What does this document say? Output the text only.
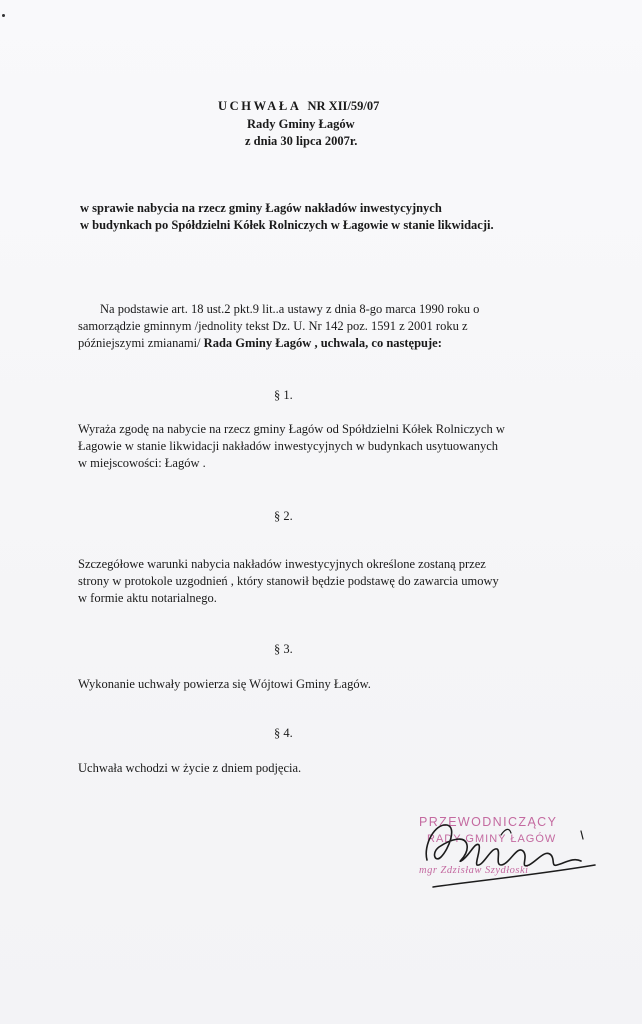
UCHWAŁA NR XII/59/07
Rady Gminy Łagów
z dnia 30 lipca 2007r.
w sprawie nabycia na rzecz gminy Łagów nakładów inwestycyjnych
w budynkach po Spółdzielni Kółek Rolniczych w Łagowie w stanie likwidacji.
Na podstawie art. 18 ust.2 pkt.9 lit..a ustawy z dnia 8-go marca 1990 roku o
samorządzie gminnym /jednolity tekst Dz. U. Nr 142 poz. 1591 z 2001 roku z
późniejszymi zmianami/ Rada Gminy Łagów , uchwala, co następuje:
§ 1.
Wyraża zgodę na nabycie na rzecz gminy Łagów od Spółdzielni Kółek Rolniczych w
Łagowie w stanie likwidacji nakładów inwestycyjnych w budynkach usytuowanych
w miejscowości: Łagów .
§ 2.
Szczegółowe warunki nabycia nakładów inwestycyjnych określone zostaną przez
strony w protokole uzgodnień , który stanowił będzie podstawę do zawarcia umowy
w formie aktu notarialnego.
§ 3.
Wykonanie uchwały powierza się Wójtowi Gminy Łagów.
§ 4.
Uchwała wchodzi w życie z dniem podjęcia.
PRZEWODNICZĄCY
RADY GMINY ŁAGÓW
mgr Zdzisław Szydłoski
